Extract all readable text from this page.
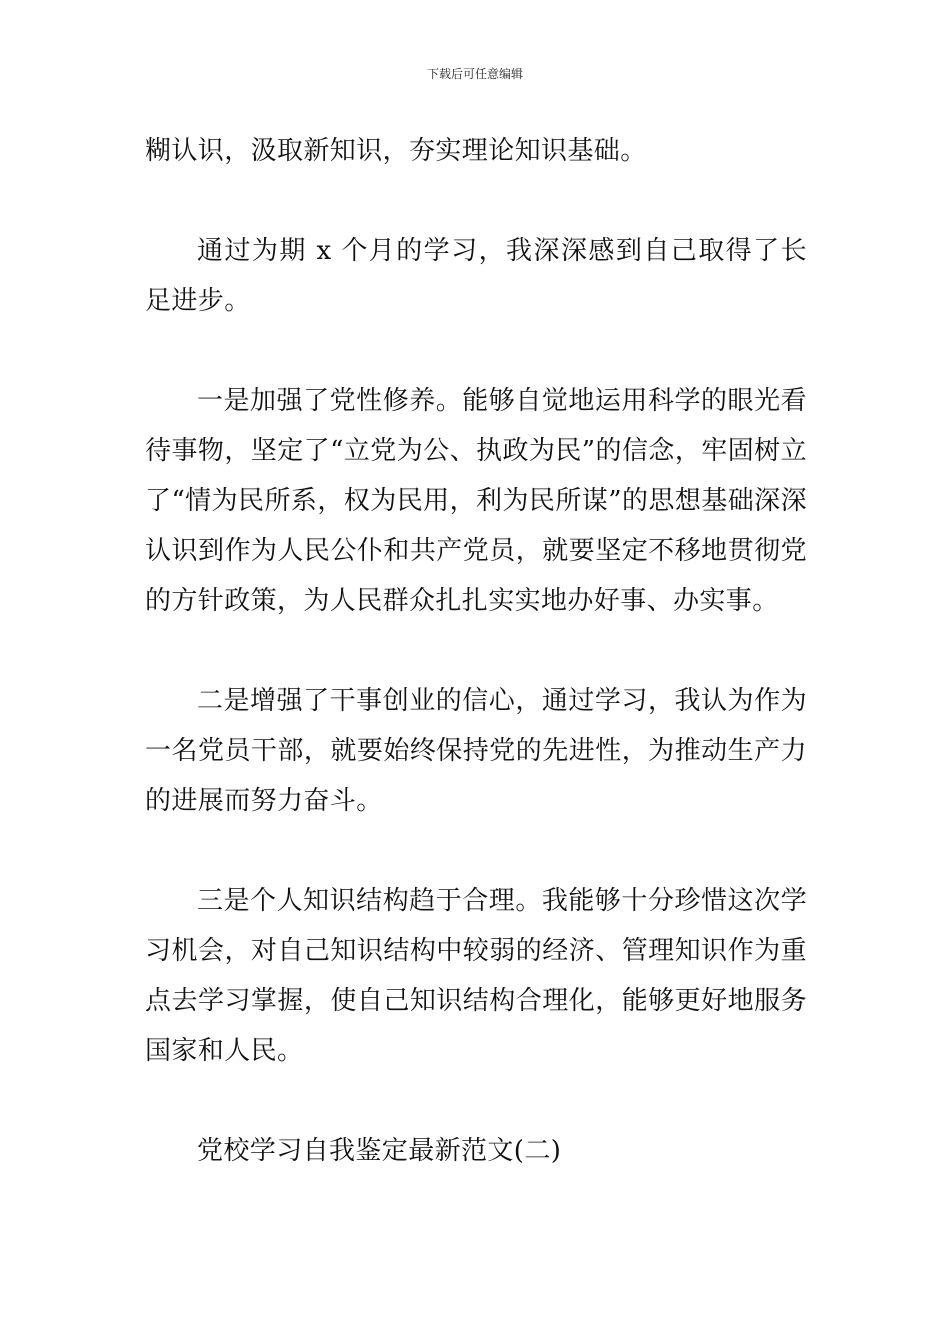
下载后可任意编辑

糊认识，汲取新知识，夯实理论知识基础。

通过为期 x 个月的学习，我深深感到自己取得了长足进步。

一是加强了党性修养。能够自觉地运用科学的眼光看待事物，坚定了“立党为公、执政为民”的信念，牢固树立了“情为民所系，权为民用，利为民所谋”的思想基础深深认识到作为人民公仆和共产党员，就要坚定不移地贯彻党的方针政策，为人民群众扎扎实实地办好事、办实事。

二是增强了干事创业的信心，通过学习，我认为作为一名党员干部，就要始终保持党的先进性，为推动生产力的进展而努力奋斗。

三是个人知识结构趋于合理。我能够十分珍惜这次学习机会，对自己知识结构中较弱的经济、管理知识作为重点去学习掌握，使自己知识结构合理化，能够更好地服务国家和人民。

党校学习自我鉴定最新范文(二)
